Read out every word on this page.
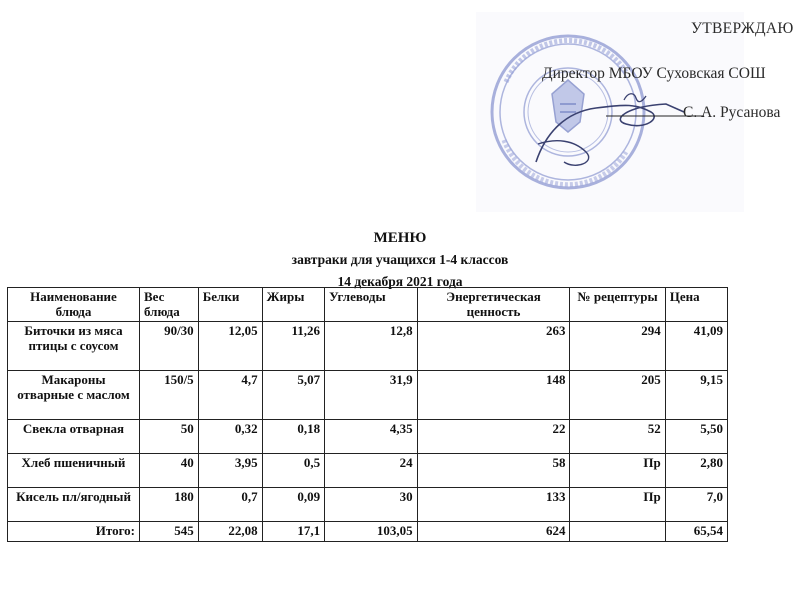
УТВЕРЖДАЮ
Директор МБОУ Суховская СОШ
С. А. Русанова
МЕНЮ
завтраки для учащихся 1-4 классов
14 декабря 2021 года
Наименование блюда	Вес блюда	Белки	Жиры	Углеводы	Энергетическая ценность	№ рецептуры	Цена
Биточки из мяса птицы с соусом	90/30	12,05	11,26	12,8	263	294	41,09
Макароны отварные с маслом	150/5	4,7	5,07	31,9	148	205	9,15
Свекла отварная	50	0,32	0,18	4,35	22	52	5,50
Хлеб пшеничный	40	3,95	0,5	24	58	Пр	2,80
Кисель пл/ягодный	180	0,7	0,09	30	133	Пр	7,0
Итого:	545	22,08	17,1	103,05	624		65,54
